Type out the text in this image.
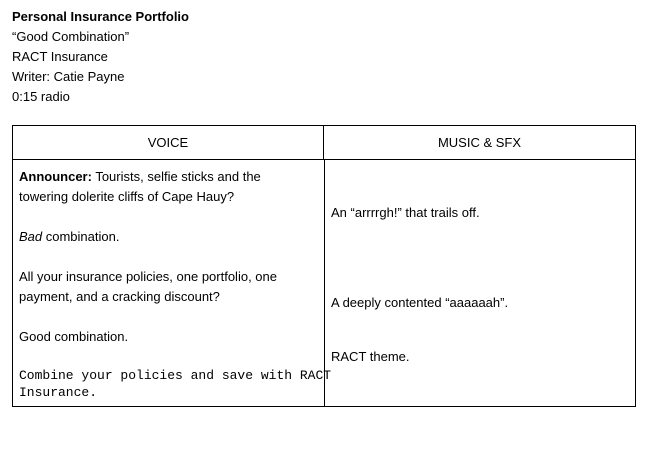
Personal Insurance Portfolio
“Good Combination”
RACT Insurance
Writer: Catie Payne
0:15 radio
VOICE	MUSIC & SFX
Announcer: Tourists, selfie sticks and the
towering dolerite cliffs of Cape Hauy?
Bad combination.
All your insurance policies, one portfolio, one
payment, and a cracking discount?
Good combination.
Combine your policies and save with RACT
Insurance.
An “arrrrgh!” that trails off.
A deeply contented “aaaaaah”.
RACT theme.
